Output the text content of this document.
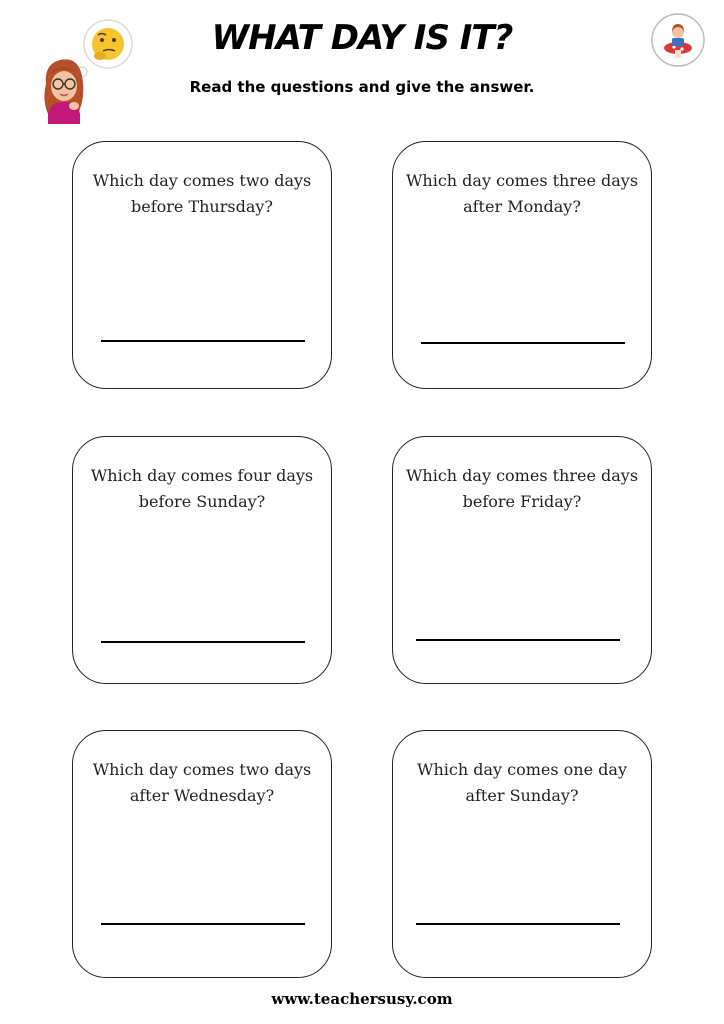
WHAT DAY IS IT?

Read the questions and give the answer.

Which day comes two days
before Thursday?

Which day comes three days
after Monday?

Which day comes four days
before Sunday?

Which day comes three days
before Friday?

Which day comes two days
after Wednesday?

Which day comes one day
after Sunday?

www.teachersusy.com
